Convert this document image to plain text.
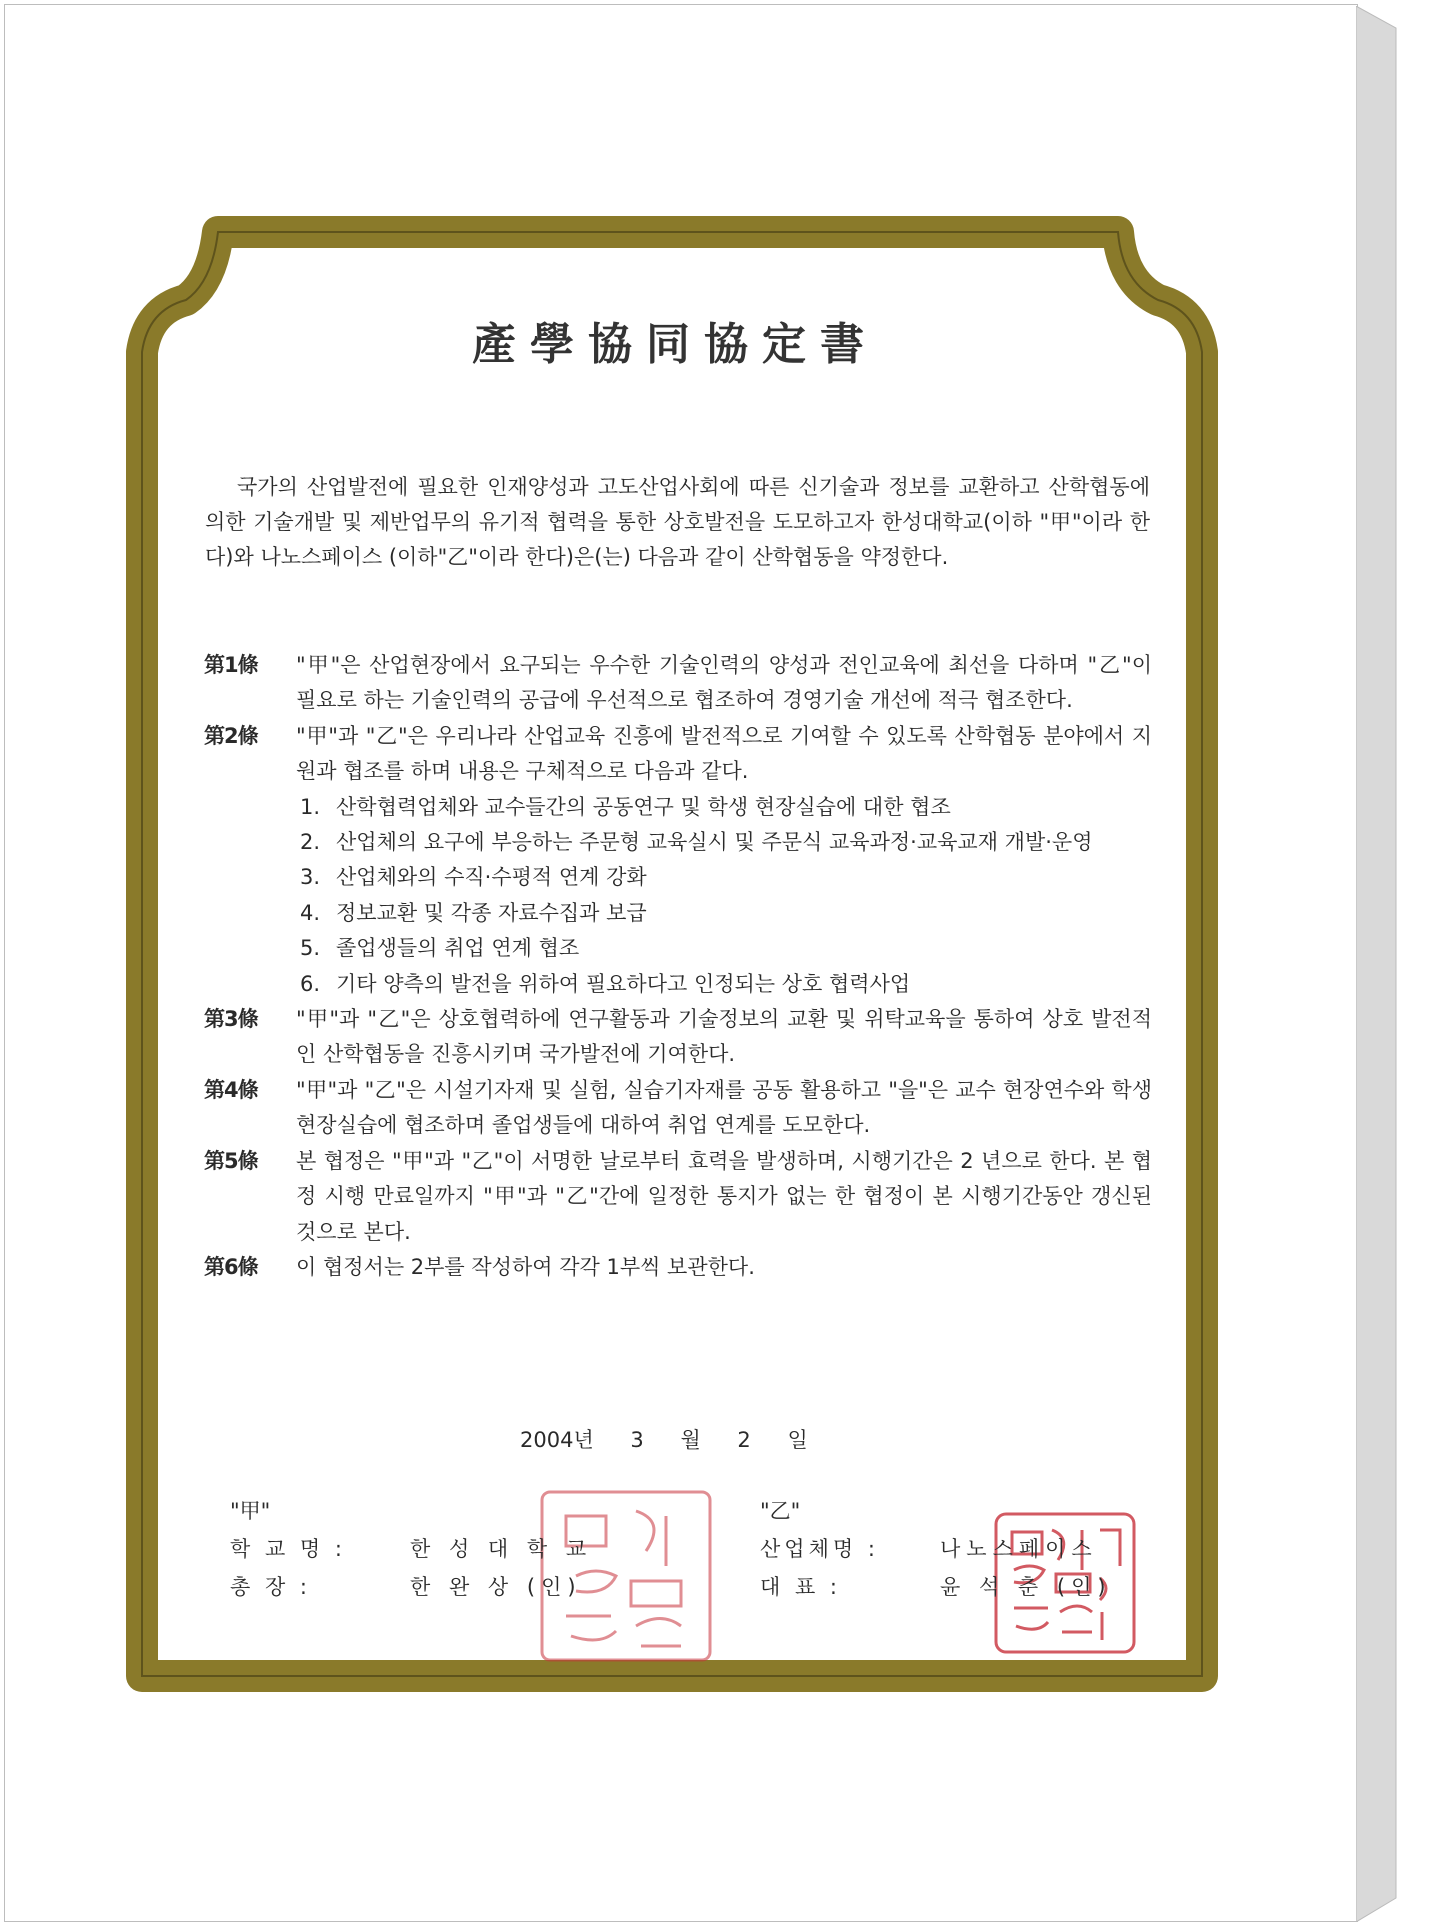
產學協同協定書

국가의 산업발전에 필요한 인재양성과 고도산업사회에 따른 신기술과 정보를 교환하고 산학협동에 의한 기술개발 및 제반업무의 유기적 협력을 통한 상호발전을 도모하고자 한성대학교(이하 "甲"이라 한다)와 나노스페이스 (이하"乙"이라 한다)은(는) 다음과 같이 산학협동을 약정한다.

第1條	"甲"은 산업현장에서 요구되는 우수한 기술인력의 양성과 전인교육에 최선을 다하며 "乙"이 필요로 하는 기술인력의 공급에 우선적으로 협조하여 경영기술 개선에 적극 협조한다.
第2條	"甲"과 "乙"은 우리나라 산업교육 진흥에 발전적으로 기여할 수 있도록 산학협동 분야에서 지원과 협조를 하며 내용은 구체적으로 다음과 같다.
1. 산학협력업체와 교수들간의 공동연구 및 학생 현장실습에 대한 협조
2. 산업체의 요구에 부응하는 주문형 교육실시 및 주문식 교육과정·교육교재 개발·운영
3. 산업체와의 수직·수평적 연계 강화
4. 정보교환 및 각종 자료수집과 보급
5. 졸업생들의 취업 연계 협조
6. 기타 양측의 발전을 위하여 필요하다고 인정되는 상호 협력사업
第3條	"甲"과 "乙"은 상호협력하에 연구활동과 기술정보의 교환 및 위탁교육을 통하여 상호 발전적인 산학협동을 진흥시키며 국가발전에 기여한다.
第4條	"甲"과 "乙"은 시설기자재 및 실험, 실습기자재를 공동 활용하고 "을"은 교수 현장연수와 학생 현장실습에 협조하며 졸업생들에 대하여 취업 연계를 도모한다.
第5條	본 협정은 "甲"과 "乙"이 서명한 날로부터 효력을 발생하며, 시행기간은 2 년으로 한다. 본 협정 시행 만료일까지 "甲"과 "乙"간에 일정한 통지가 없는 한 협정이 본 시행기간동안 갱신된 것으로 본다.
第6條	이 협정서는 2부를 작성하여 각각 1부씩 보관한다.
2004년 3 월 2 일
"甲"
학 교 명 :	한 성 대 학 교
총 장 :	한 완 상 (인)
"乙"
산업체명 :	나노스페이스
대 표 :	윤 석 춘 (인)
